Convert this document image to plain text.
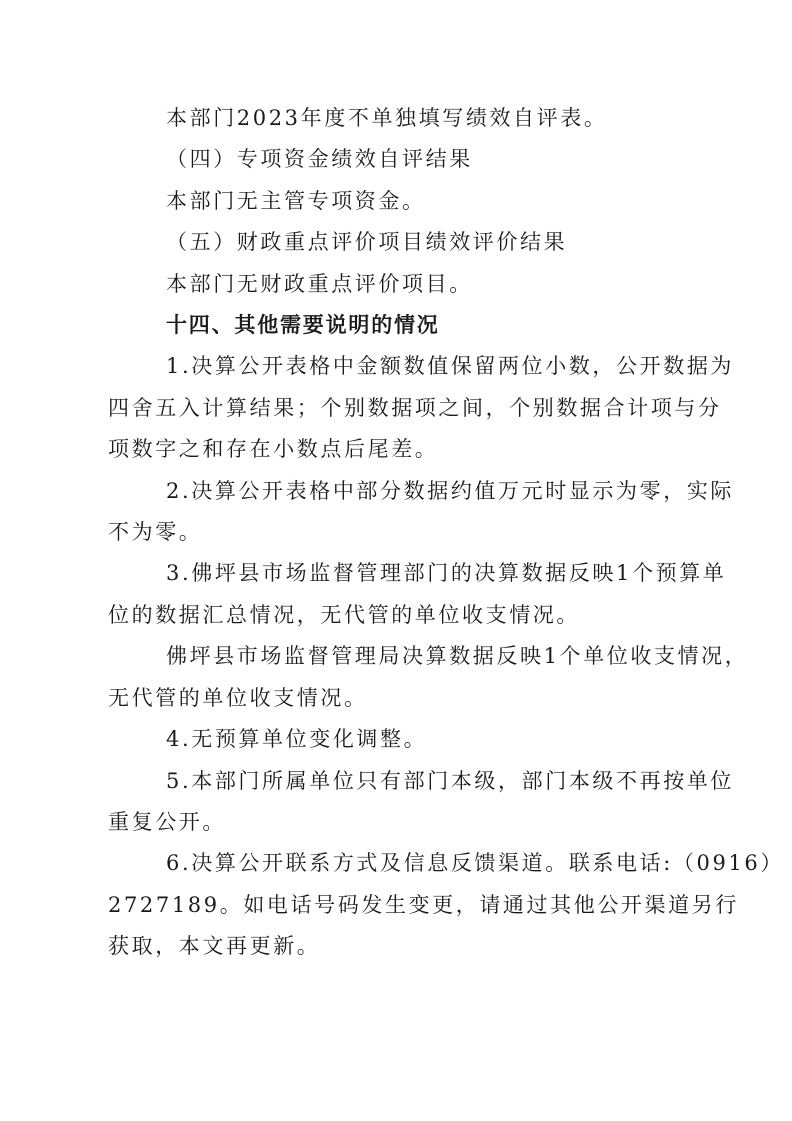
本部门2023年度不单独填写绩效自评表。

（四）专项资金绩效自评结果

本部门无主管专项资金。

（五）财政重点评价项目绩效评价结果

本部门无财政重点评价项目。

十四、其他需要说明的情况

1.决算公开表格中金额数值保留两位小数，公开数据为

四舍五入计算结果；个别数据项之间，个别数据合计项与分

项数字之和存在小数点后尾差。

2.决算公开表格中部分数据约值万元时显示为零，实际

不为零。

3.佛坪县市场监督管理部门的决算数据反映1个预算单

位的数据汇总情况，无代管的单位收支情况。

佛坪县市场监督管理局决算数据反映1个单位收支情况，

无代管的单位收支情况。

4.无预算单位变化调整。

5.本部门所属单位只有部门本级，部门本级不再按单位

重复公开。

6.决算公开联系方式及信息反馈渠道。联系电话:（0916）

2727189。如电话号码发生变更，请通过其他公开渠道另行

获取，本文再更新。
